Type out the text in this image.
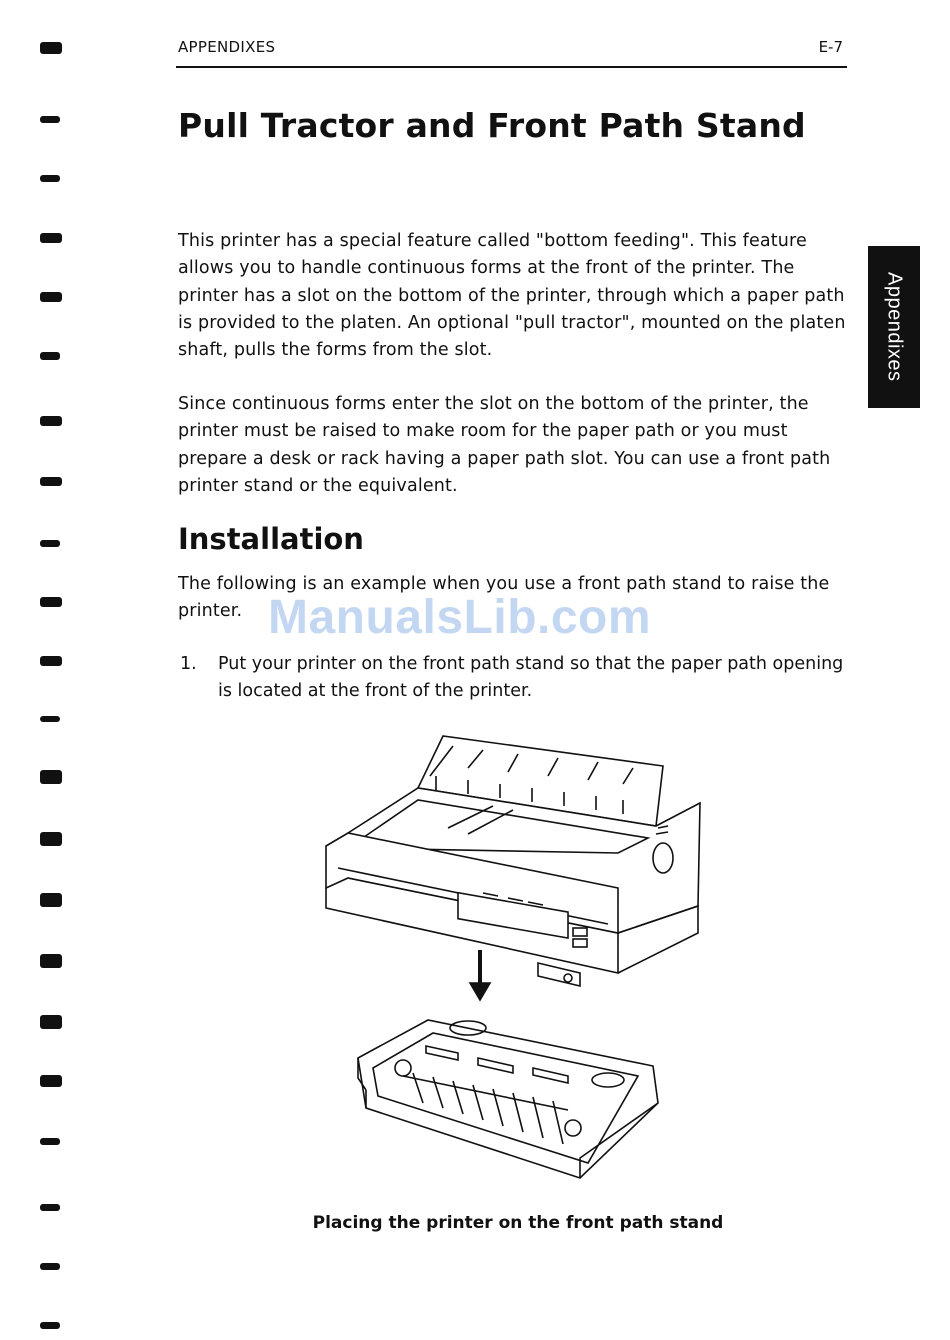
APPENDIXES	E-7
Appendixes
Pull Tractor and Front Path Stand

This printer has a special feature called "bottom feeding". This feature allows you to handle continuous forms at the front of the printer. The printer has a slot on the bottom of the printer, through which a paper path is provided to the platen. An optional "pull tractor", mounted on the platen shaft, pulls the forms from the slot.

Since continuous forms enter the slot on the bottom of the printer, the printer must be raised to make room for the paper path or you must prepare a desk or rack having a paper path slot. You can use a front path printer stand or the equivalent.

Installation

The following is an example when you use a front path stand to raise the printer.

1. Put your printer on the front path stand so that the paper path opening is located at the front of the printer.
Placing the printer on the front path stand
ManualsLib.com
